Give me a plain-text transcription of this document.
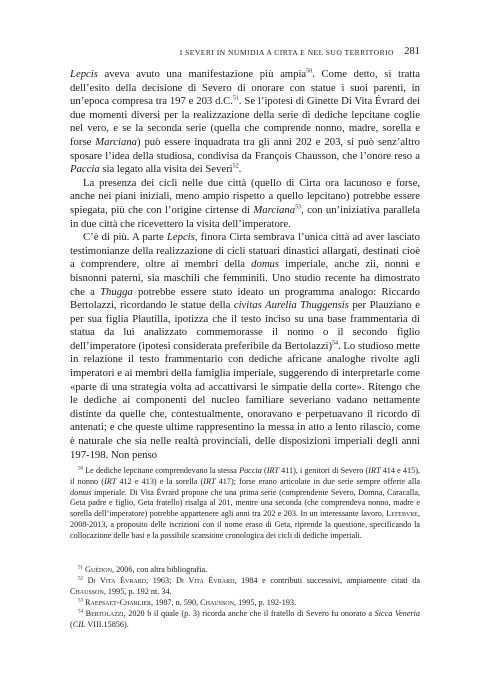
I SEVERI IN NUMIDIA A CIRTA E NEL SUO TERRITORIO 281

Lepcis aveva avuto una manifestazione più ampia$^{50}$. Come detto, si tratta dell’esito della decisione di Severo di onorare con statue i suoi parenti, in un’epoca compresa tra 197 e 203 d.C.$^{51}$. Se l’ipotesi di Ginette Di Vita Évrard dei due momenti diversi per la realizzazione della serie di dediche lepcitane coglie nel vero, e se la seconda serie (quella che comprende nonno, madre, sorella e forse Marciana) può essere inquadrata tra gli anni 202 e 203, si può senz’altro sposare l’idea della studiosa, condivisa da François Chausson, che l’onore reso a Paccia sia legato alla visita dei Severi$^{52}$.

La presenza dei cicli nelle due città (quello di Cirta ora lacunoso e forse, anche nei piani iniziali, meno ampio rispetto a quello lepcitano) potrebbe essere spiegata, più che con l’origine cirtense di Marciana$^{53}$, con un’iniziativa parallela in due città che ricevettero la visita dell’imperatore.

C’è di più. A parte Lepcis, finora Cirta sembrava l’unica città ad aver lasciato testimonianze della realizzazione di cicli statuari dinastici allargati, destinati cioè a comprendere, oltre ai membri della domus imperiale, anche zii, nonni e bisnonni paterni, sia maschili che femminili. Uno studio recente ha dimostrato che a Thugga potrebbe essere stato ideato un programma analogo: Riccardo Bertolazzi, ricordando le statue della civitas Aurelia Thuggensis per Plauziano e per sua figlia Plautilla, ipotizza che il testo inciso su una base frammentaria di statua da lui analizzato commemorasse il nonno o il secondo figlio dell’imperatore (ipotesi considerata preferibile da Bertolazzi)$^{54}$. Lo studioso mette in relazione il testo frammentario con dediche africane analoghe rivolte agli imperatori e ai membri della famiglia imperiale, suggerendo di interpretarle come «parte di una strategia volta ad accattivarsi le simpatie della corte». Ritengo che le dediche ai componenti del nucleo familiare severiano vadano nettamente distinte da quelle che, contestualmente, onoravano e perpetuavano il ricordo di antenati; e che queste ultime rappresentino la messa in atto a lento rilascio, come è naturale che sia nelle realtà provinciali, delle disposizioni imperiali degli anni 197-198. Non penso

$^{50}$ Le dediche lepcitane comprendevano la stessa Paccia (IRT 411), i genitori di Severo (IRT 414 e 415), il nonno (IRT 412 e 413) e la sorella (IRT 417); forse erano articolate in due serie sempre offerte alla domus imperiale. Di Vita Évrard propone che una prima serie (comprendente Severo, Domna, Caracalla, Geta padre e figlio, Geta fratello) risalga al 201, mentre una seconda (che comprendeva nonno, madre e sorella dell’imperatore) potrebbe appartenere agli anni tra 202 e 203. In un interessante lavoro, Lefebvre, 2008-2013, a proposito delle iscrizioni con il nome eraso di Geta, riprende la questione, specificando la collocazione delle basi e la possibile scansione cronologica dei cicli di dediche imperiali.
$^{51}$ Guédon, 2006, con altra bibliografia.
$^{52}$ Di Vita Évrard, 1963; Di Vita Évrard, 1984 e contributi successivi, ampiamente citati da Chausson, 1995, p. 192 nt. 34.
$^{53}$ Raepsaet-Charlier, 1987, n. 590, Chausson, 1995, p. 192-193.
$^{54}$ Bertolazzi, 2020 b il quale (p. 3) ricorda anche che il fratello di Severo fu onorato a Sicca Veneria (CIL VIII.15856).
